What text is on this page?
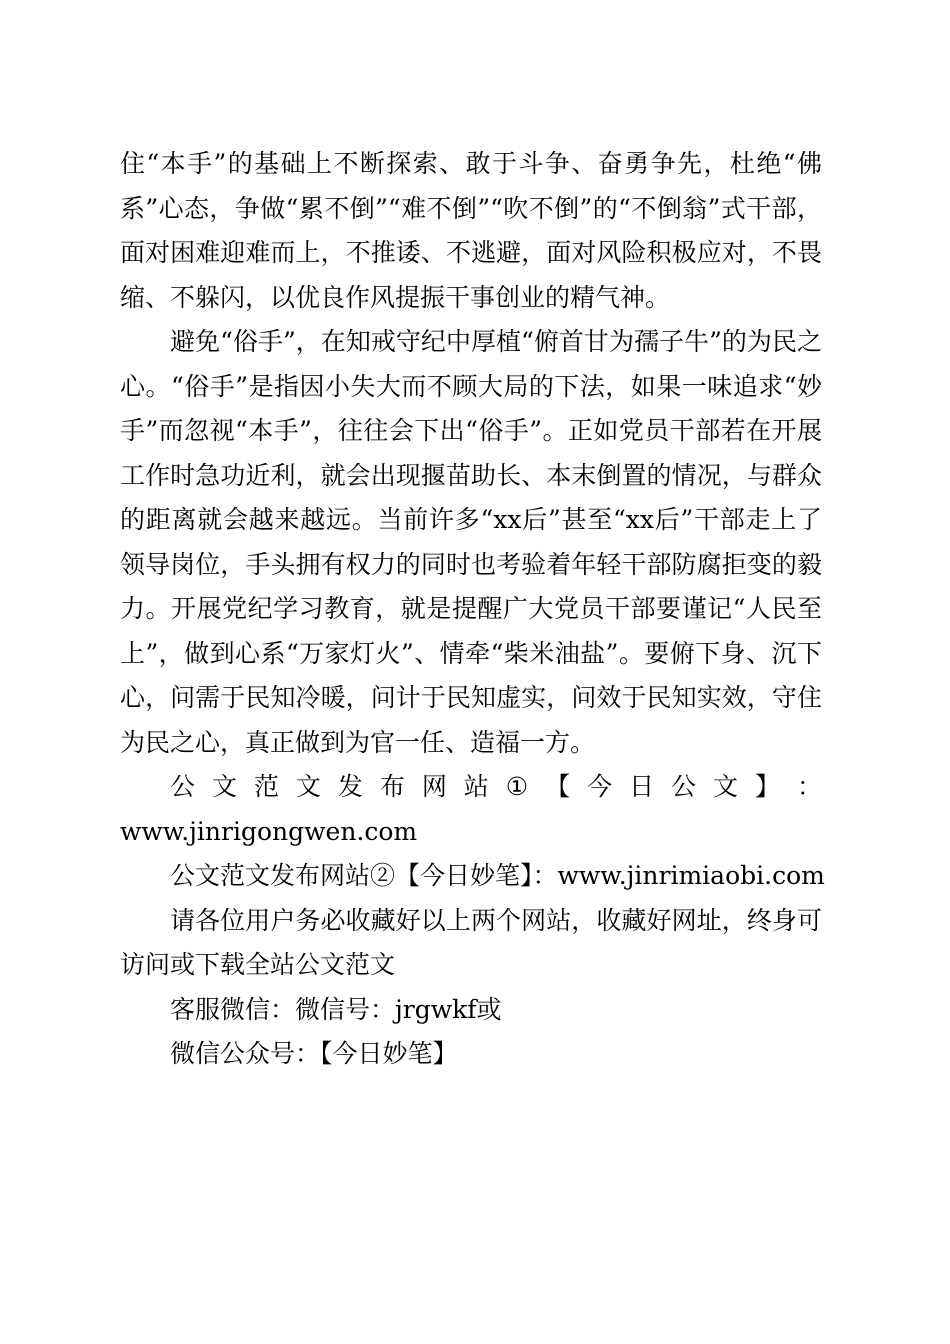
住“本手”的基础上不断探索、敢于斗争、奋勇争先，杜绝“佛系”心态，争做“累不倒”“难不倒”“吹不倒”的“不倒翁”式干部，面对困难迎难而上，不推诿、不逃避，面对风险积极应对，不畏缩、不躲闪，以优良作风提振干事创业的精气神。

避免“俗手”，在知戒守纪中厚植“俯首甘为孺子牛”的为民之心。“俗手”是指因小失大而不顾大局的下法，如果一味追求“妙手”而忽视“本手”，往往会下出“俗手”。正如党员干部若在开展工作时急功近利，就会出现揠苗助长、本末倒置的情况，与群众的距离就会越来越远。当前许多“xx后”甚至“xx后”干部走上了领导岗位，手头拥有权力的同时也考验着年轻干部防腐拒变的毅力。开展党纪学习教育，就是提醒广大党员干部要谨记“人民至上”，做到心系“万家灯火”、情牵“柴米油盐”。要俯下身、沉下心，问需于民知冷暖，问计于民知虚实，问效于民知实效，守住为民之心，真正做到为官一任、造福一方。

公 文 范 文 发 布 网 站 ① 【 今 日 公 文 】 ：

www.jinrigongwen.com

公文范文发布网站②【今日妙笔】：www.jinrimiaobi.com

请各位用户务必收藏好以上两个网站，收藏好网址，终身可访问或下载全站公文范文

客服微信：微信号：jrgwkf或

微信公众号：【今日妙笔】
